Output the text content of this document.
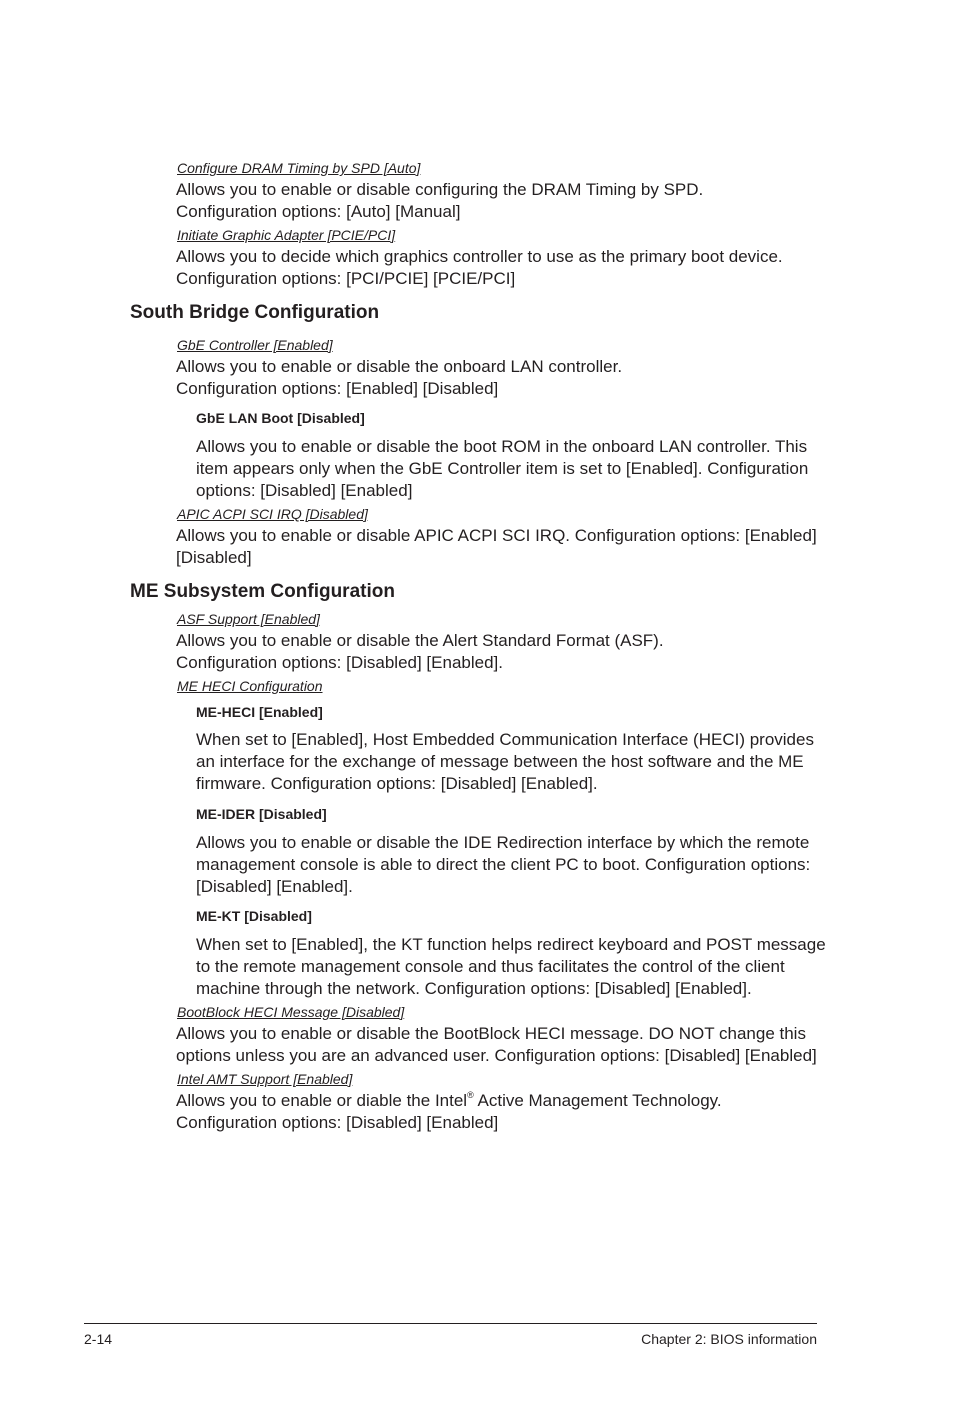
Configure DRAM Timing by SPD [Auto]
Allows you to enable or disable configuring the DRAM Timing by SPD.
Configuration options: [Auto] [Manual]
Initiate Graphic Adapter [PCIE/PCI]
Allows you to decide which graphics controller to use as the primary boot device.
Configuration options: [PCI/PCIE] [PCIE/PCI]
South Bridge Configuration
GbE Controller [Enabled]
Allows you to enable or disable the onboard LAN controller.
Configuration options: [Enabled] [Disabled]
GbE LAN Boot [Disabled]
Allows you to enable or disable the boot ROM in the onboard LAN controller. This
item appears only when the GbE Controller item is set to [Enabled]. Configuration
options: [Disabled] [Enabled]
APIC ACPI SCI IRQ [Disabled]
Allows you to enable or disable APIC ACPI SCI IRQ. Configuration options: [Enabled]
[Disabled]
ME Subsystem Configuration
ASF Support [Enabled]
Allows you to enable or disable the Alert Standard Format (ASF).
Configuration options: [Disabled] [Enabled].
ME HECI Configuration
ME-HECI [Enabled]
When set to [Enabled], Host Embedded Communication Interface (HECI) provides
an interface for the exchange of message between the host software and the ME
firmware. Configuration options: [Disabled] [Enabled].
ME-IDER [Disabled]
Allows you to enable or disable the IDE Redirection interface by which the remote
management console is able to direct the client PC to boot. Configuration options:
[Disabled] [Enabled].
ME-KT [Disabled]
When set to [Enabled], the KT function helps redirect keyboard and POST message
to the remote management console and thus facilitates the control of the client
machine through the network. Configuration options: [Disabled] [Enabled].
BootBlock HECI Message [Disabled]
Allows you to enable or disable the BootBlock HECI message. DO NOT change this
options unless you are an advanced user. Configuration options: [Disabled] [Enabled]
Intel AMT Support [Enabled]
Allows you to enable or diable the Intel® Active Management Technology.
Configuration options: [Disabled] [Enabled]
2-14	Chapter 2: BIOS information
